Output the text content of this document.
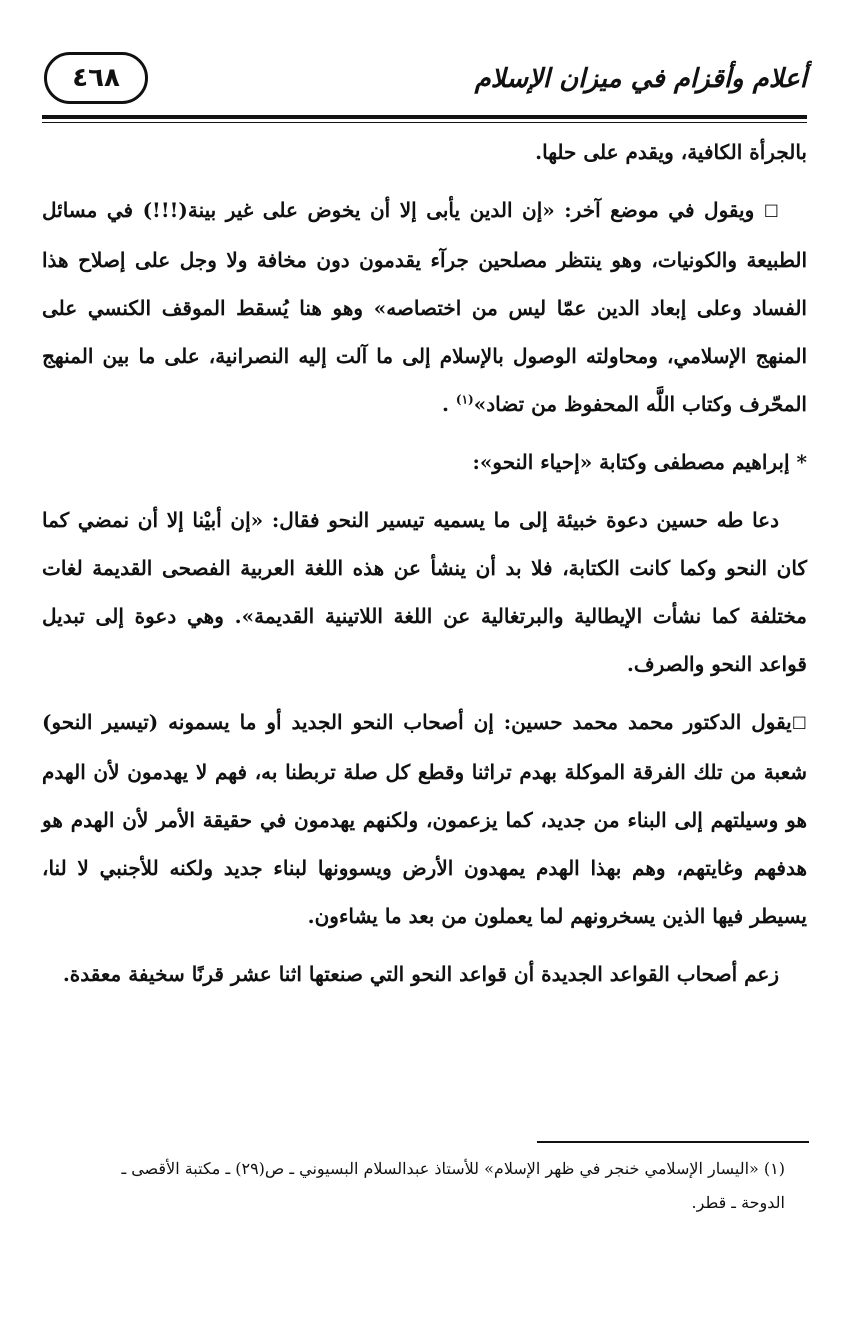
أعلام وأقزام في ميزان الإسلام
٤٦٨

بالجرأة الكافية، ويقدم على حلها.

☐ ويقول في موضع آخر: «إن الدين يأبى إلا أن يخوض على غير بينة(!!!) في مسائل الطبيعة والكونيات، وهو ينتظر مصلحين جرآء يقدمون دون مخافة ولا وجل على إصلاح هذا الفساد وعلى إبعاد الدين عمّا ليس من اختصاصه» وهو هنا يُسقط الموقف الكنسي على المنهج الإسلامي، ومحاولته الوصول بالإسلام إلى ما آلت إليه النصرانية، على ما بين المنهج المحّرف وكتاب اللَّه المحفوظ من تضاد»$^{(١)}$ .

* إبراهيم مصطفى وكتابة «إحياء النحو»:

دعا طه حسين دعوة خبيئة إلى ما يسميه تيسير النحو فقال: «إن أبيْنا إلا أن نمضي كما كان النحو وكما كانت الكتابة، فلا بد أن ينشأ عن هذه اللغة العربية الفصحى القديمة لغات مختلفة كما نشأت الإيطالية والبرتغالية عن اللغة اللاتينية القديمة». وهي دعوة إلى تبديل قواعد النحو والصرف.

☐يقول الدكتور محمد محمد حسين: إن أصحاب النحو الجديد أو ما يسمونه (تيسير النحو) شعبة من تلك الفرقة الموكلة بهدم تراثنا وقطع كل صلة تربطنا به، فهم لا يهدمون لأن الهدم هو وسيلتهم إلى البناء من جديد، كما يزعمون، ولكنهم يهدمون في حقيقة الأمر لأن الهدم هو هدفهم وغايتهم، وهم بهذا الهدم يمهدون الأرض ويسوونها لبناء جديد ولكنه للأجنبي لا لنا، يسيطر فيها الذين يسخرونهم لما يعملون من بعد ما يشاءون.

زعم أصحاب القواعد الجديدة أن قواعد النحو التي صنعتها اثنا عشر قرنًا سخيفة معقدة.

(١) «اليسار الإسلامي خنجر في ظهر الإسلام» للأستاذ عبدالسلام البسيوني ـ ص(٢٩) ـ مكتبة الأقصى ـ الدوحة ـ قطر.
